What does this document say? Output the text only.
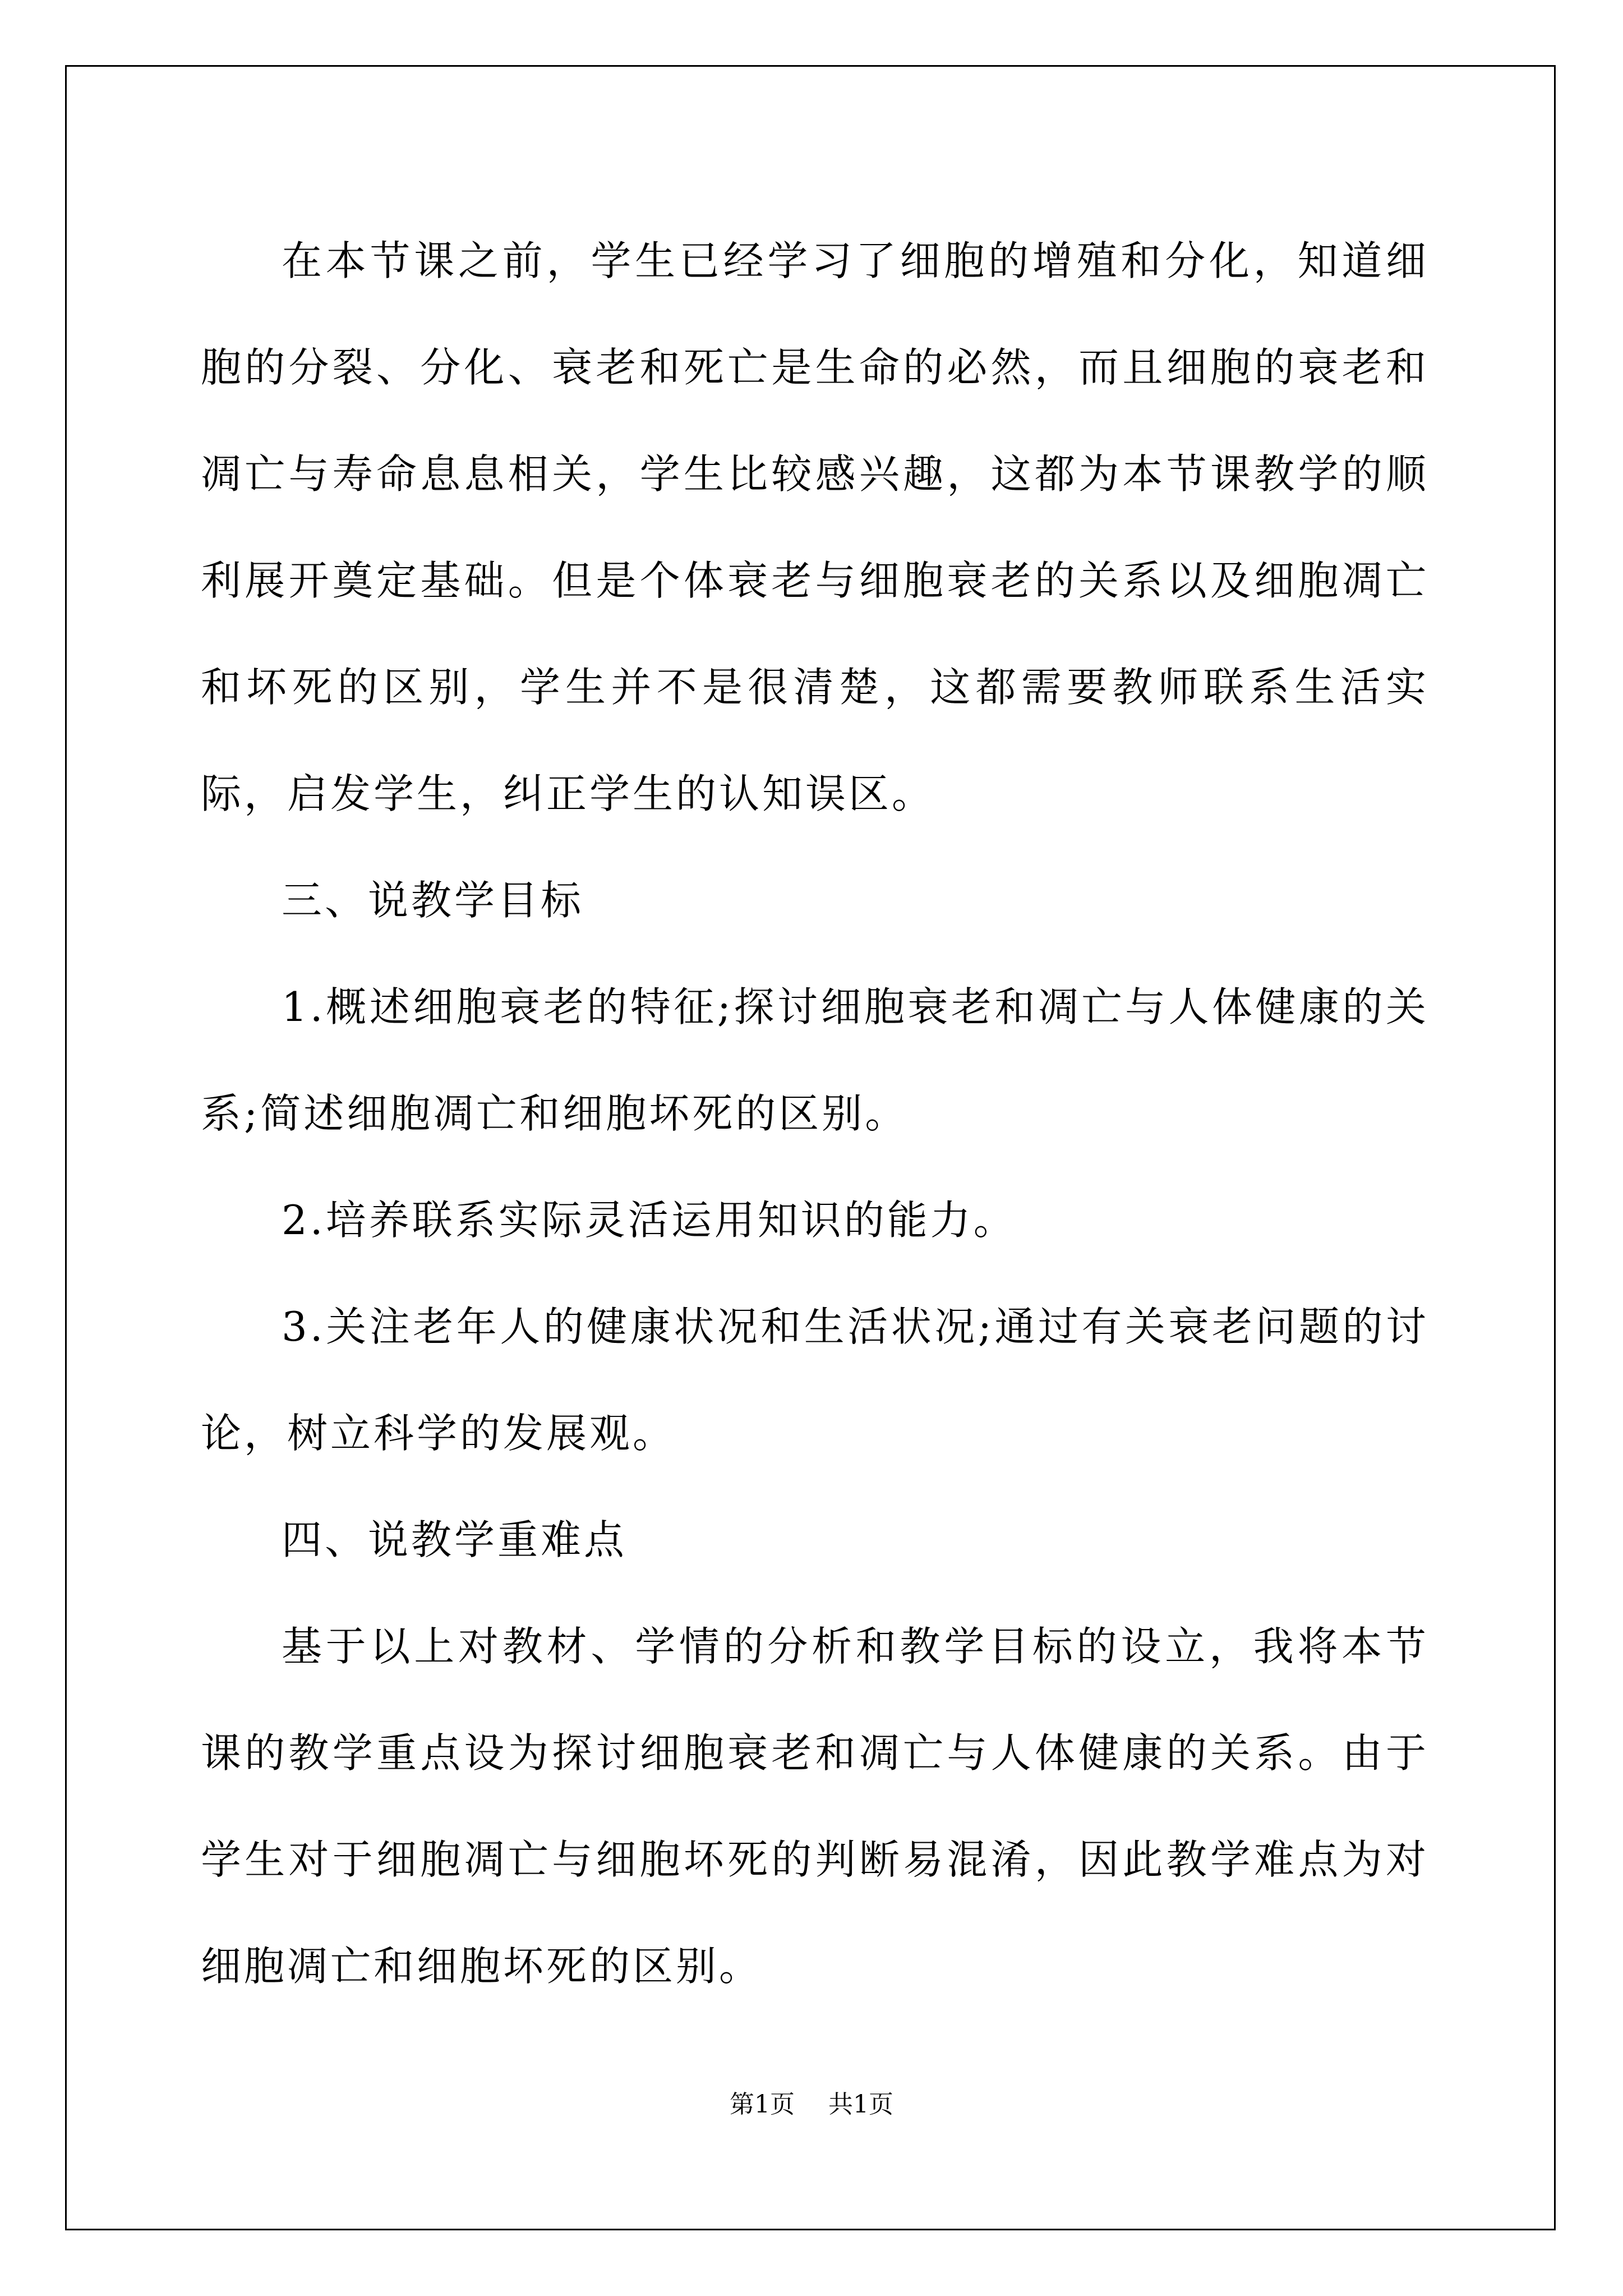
在本节课之前，学生已经学习了细胞的增殖和分化，知道细胞的分裂、分化、衰老和死亡是生命的必然，而且细胞的衰老和凋亡与寿命息息相关，学生比较感兴趣，这都为本节课教学的顺利展开奠定基础。但是个体衰老与细胞衰老的关系以及细胞凋亡和坏死的区别，学生并不是很清楚，这都需要教师联系生活实际，启发学生，纠正学生的认知误区。

三、说教学目标

1.概述细胞衰老的特征;探讨细胞衰老和凋亡与人体健康的关系;简述细胞凋亡和细胞坏死的区别。

2.培养联系实际灵活运用知识的能力。

3.关注老年人的健康状况和生活状况;通过有关衰老问题的讨论，树立科学的发展观。

四、说教学重难点

基于以上对教材、学情的分析和教学目标的设立，我将本节课的教学重点设为探讨细胞衰老和凋亡与人体健康的关系。由于学生对于细胞凋亡与细胞坏死的判断易混淆，因此教学难点为对细胞凋亡和细胞坏死的区别。

第1页 共1页
